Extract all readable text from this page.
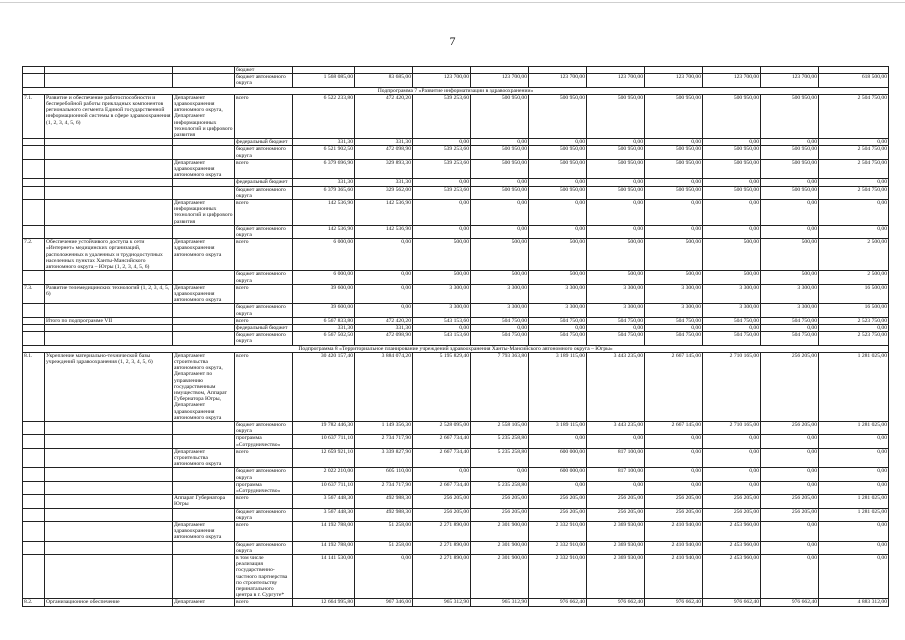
7
			бюджет										
			бюджет автономного округа	1 568 085,00	83 685,00	123 700,00	123 700,00	123 700,00	123 700,00	123 700,00	123 700,00	123 700,00	618 500,00
Подпрограмма 7 «Развитие информатизации в здравоохранении»													
7.1.	Развитие и обеспечение работоспособности и бесперебойной работы прикладных компонентов регионального сегмента Единой государственной информационной системы в сфере здравоохранения (1, 2, 3, 4, 5, 6)	Департамент здравоохранения автономного округа, Департамент информационных технологий и цифрового развития	всего	6 522 233,80	472 420,20	539 253,60	500 950,00	500 950,00	500 950,00	500 950,00	500 950,00	500 950,00	2 504 750,00
			федеральный бюджет	331,30	331,30	0,00	0,00	0,00	0,00	0,00	0,00	0,00	0,00
			бюджет автономного округа	6 521 902,50	472 098,90	539 253,60	500 950,00	500 950,00	500 950,00	500 950,00	500 950,00	500 950,00	2 504 750,00
		Департамент здравоохранения автономного округа	всего	6 379 696,90	329 893,30	539 253,60	500 950,00	500 950,00	500 950,00	500 950,00	500 950,00	500 950,00	2 504 750,00
			федеральный бюджет	331,30	331,30	0,00	0,00	0,00	0,00	0,00	0,00	0,00	0,00
			бюджет автономного округа	6 379 365,60	329 562,00	539 253,60	500 950,00	500 950,00	500 950,00	500 950,00	500 950,00	500 950,00	2 504 750,00
		Департамент информационных технологий и цифрового развития	всего	142 536,90	142 536,90	0,00	0,00	0,00	0,00	0,00	0,00	0,00	0,00
			бюджет автономного округа	142 536,90	142 536,90	0,00	0,00	0,00	0,00	0,00	0,00	0,00	0,00
7.2.	Обеспечение устойчивого доступа к сети «Интернет» медицинских организаций, расположенных в удаленных и труднодоступных населенных пунктах Ханты-Мансийского автономного округа – Югры (1, 2, 3, 4, 5, 6)	Департамент здравоохранения автономного округа	всего	6 000,00	0,00	500,00	500,00	500,00	500,00	500,00	500,00	500,00	2 500,00
			бюджет автономного округа	6 000,00	0,00	500,00	500,00	500,00	500,00	500,00	500,00	500,00	2 500,00
7.3.	Развитие телемедицинских технологий (1, 2, 3, 4, 5, 6)	Департамент здравоохранения автономного округа	всего	39 600,00	0,00	3 300,00	3 300,00	3 300,00	3 300,00	3 300,00	3 300,00	3 300,00	16 500,00
			бюджет автономного округа	39 600,00	0,00	3 300,00	3 300,00	3 300,00	3 300,00	3 300,00	3 300,00	3 300,00	16 500,00
	Итого по подпрограмме VII		всего	6 567 833,80	472 420,20	543 153,60	504 750,00	504 750,00	504 750,00	504 750,00	504 750,00	504 750,00	2 523 750,00
			федеральный бюджет	331,30	331,30	0,00	0,00	0,00	0,00	0,00	0,00	0,00	0,00
			бюджет автономного округа	6 567 502,50	472 098,90	543 153,60	504 750,00	504 750,00	504 750,00	504 750,00	504 750,00	504 750,00	2 523 750,00
Подпрограмма 8 «Территориальное планирование учреждений здравоохранения Ханты-Мансийского автономного округа – Югры»													
8.1.	Укрепление материально-технической базы учреждений здравоохранения (1, 2, 3, 4, 5, 6)	Департамент строительства автономного округа, Департамент по управлению государственным имуществом, Аппарат Губернатора Югры, Департамент здравоохранения автономного округа	всего	30 420 157,40	3 884 074,20	5 195 829,40	7 793 363,80	3 189 115,00	3 443 235,00	2 667 145,00	2 710 165,00	256 205,00	1 281 025,00
			бюджет автономного округа	19 782 446,30	1 149 356,30	2 528 095,00	2 558 105,00	3 189 115,00	3 443 235,00	2 667 145,00	2 710 165,00	256 205,00	1 281 025,00
			программа «Сотрудничество»	10 637 711,10	2 734 717,90	2 667 734,40	5 235 258,80	0,00	0,00	0,00	0,00	0,00	0,00
		Департамент строительства автономного округа	всего	12 659 921,10	3 339 827,90	2 667 734,40	5 235 258,80	600 000,00	817 100,00	0,00	0,00	0,00	0,00
			бюджет автономного округа	2 022 210,00	605 110,00	0,00	0,00	600 000,00	817 100,00	0,00	0,00	0,00	0,00
			программа «Сотрудничество»	10 637 711,10	2 734 717,90	2 667 734,40	5 235 258,80	0,00	0,00	0,00	0,00	0,00	0,00
		Аппарат Губернатора Югры	всего	3 567 448,30	492 988,30	256 205,00	256 205,00	256 205,00	256 205,00	256 205,00	256 205,00	256 205,00	1 281 025,00
			бюджет автономного округа	3 567 448,30	492 988,30	256 205,00	256 205,00	256 205,00	256 205,00	256 205,00	256 205,00	256 205,00	1 281 025,00
		Департамент здравоохранения автономного округа	всего	14 192 788,00	51 258,00	2 271 890,00	2 301 900,00	2 332 910,00	2 369 930,00	2 410 940,00	2 453 960,00	0,00	0,00
			бюджет автономного округа	14 192 788,00	51 258,00	2 271 890,00	2 301 900,00	2 332 910,00	2 369 930,00	2 410 940,00	2 453 960,00	0,00	0,00
			в том числе реализация государственно-частного партнерства по строительству перинатального центра в г. Сургуте*	14 141 530,00	0,00	2 271 890,00	2 301 900,00	2 332 910,00	2 369 930,00	2 410 940,00	2 453 960,00	0,00	0,00
8.2.	Организационное обеспечение	Департамент	всего	12 664 995,80	967 346,00	965 312,90	965 312,90	976 662,40	976 662,40	976 662,40	976 662,40	976 662,40	4 883 312,00
